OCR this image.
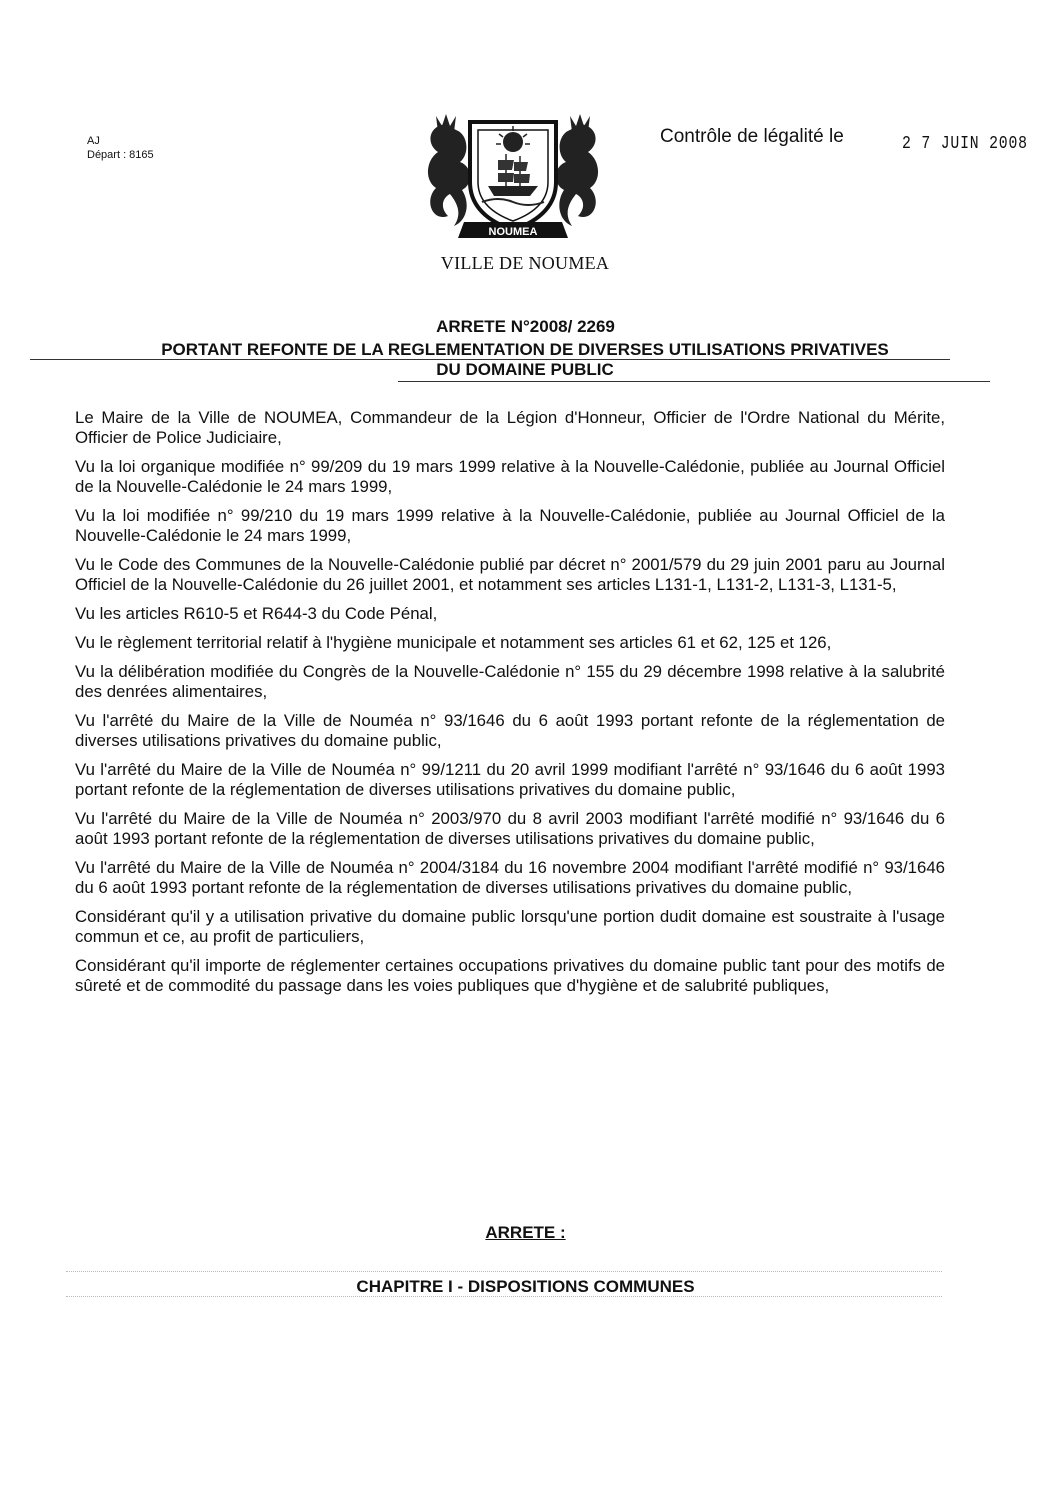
AJ
Départ : 8165
NOUMEA
Contrôle de légalité le	2 7 JUIN 2008
VILLE DE NOUMEA
ARRETE N°2008/ 2269
PORTANT REFONTE DE LA REGLEMENTATION DE DIVERSES UTILISATIONS PRIVATIVES
DU DOMAINE PUBLIC

Le Maire de la Ville de NOUMEA, Commandeur de la Légion d'Honneur, Officier de l'Ordre National du Mérite, Officier de Police Judiciaire,

Vu la loi organique modifiée n° 99/209 du 19 mars 1999 relative à la Nouvelle-Calédonie, publiée au Journal Officiel de la Nouvelle-Calédonie le 24 mars 1999,

Vu la loi modifiée n° 99/210 du 19 mars 1999 relative à la Nouvelle-Calédonie, publiée au Journal Officiel de la Nouvelle-Calédonie le 24 mars 1999,

Vu le Code des Communes de la Nouvelle-Calédonie publié par décret n° 2001/579 du 29 juin 2001 paru au Journal Officiel de la Nouvelle-Calédonie du 26 juillet 2001, et notamment ses articles L131-1, L131-2, L131-3, L131-5,

Vu les articles R610-5 et R644-3 du Code Pénal,

Vu le règlement territorial relatif à l'hygiène municipale et notamment ses articles 61 et 62, 125 et 126,

Vu la délibération modifiée du Congrès de la Nouvelle-Calédonie n° 155 du 29 décembre 1998 relative à la salubrité des denrées alimentaires,

Vu l'arrêté du Maire de la Ville de Nouméa n° 93/1646 du 6 août 1993 portant refonte de la réglementation de diverses utilisations privatives du domaine public,

Vu l'arrêté du Maire de la Ville de Nouméa n° 99/1211 du 20 avril 1999 modifiant l'arrêté n° 93/1646 du 6 août 1993 portant refonte de la réglementation de diverses utilisations privatives du domaine public,

Vu l'arrêté du Maire de la Ville de Nouméa n° 2003/970 du 8 avril 2003 modifiant l'arrêté modifié n° 93/1646 du 6 août 1993 portant refonte de la réglementation de diverses utilisations privatives du domaine public,

Vu l'arrêté du Maire de la Ville de Nouméa n° 2004/3184 du 16 novembre 2004 modifiant l'arrêté modifié n° 93/1646 du 6 août 1993 portant refonte de la réglementation de diverses utilisations privatives du domaine public,

Considérant qu'il y a utilisation privative du domaine public lorsqu'une portion dudit domaine est soustraite à l'usage commun et ce, au profit de particuliers,

Considérant qu'il importe de réglementer certaines occupations privatives du domaine public tant pour des motifs de sûreté et de commodité du passage dans les voies publiques que d'hygiène et de salubrité publiques,

ARRETE :
CHAPITRE I - DISPOSITIONS COMMUNES
